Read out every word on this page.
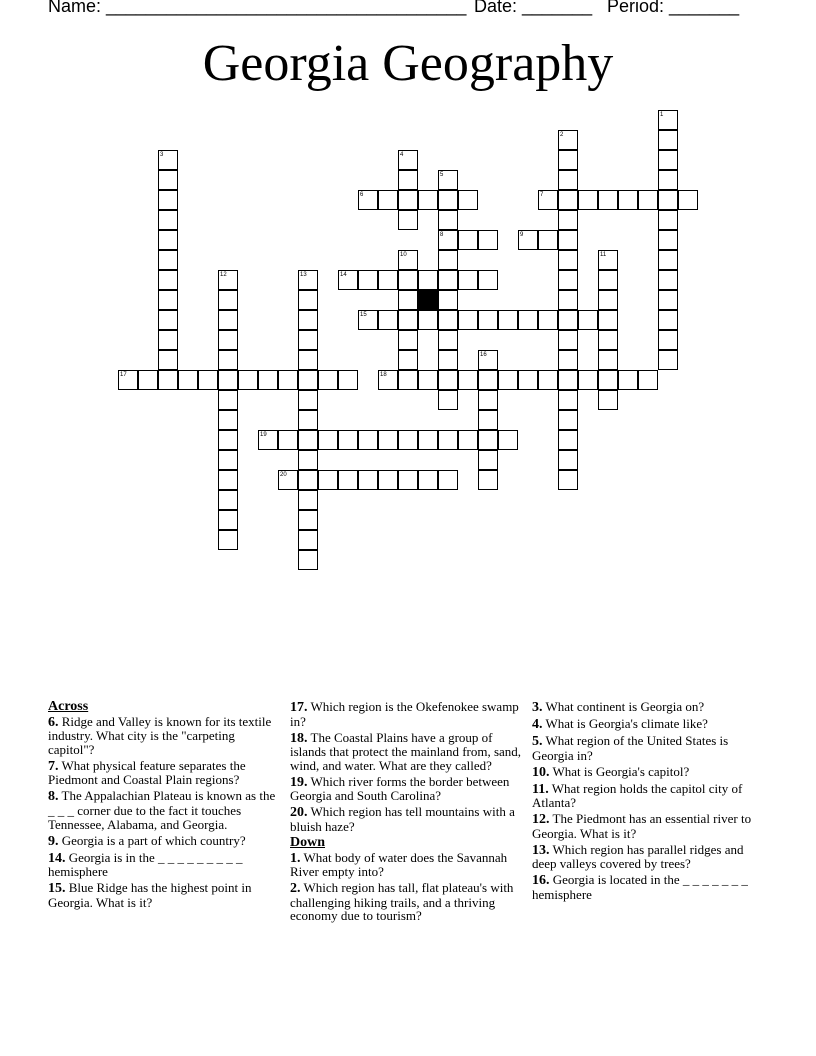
Name: ____________________________________ Date: _______ Period: _______
Georgia Geography
1
2
3	4
5
6	7
8	9
10	11
12	13	14
15
16
17	18
19
20
Across
6. Ridge and Valley is known for its textile industry. What city is the "carpeting capitol"?
7. What physical feature separates the Piedmont and Coastal Plain regions?
8. The Appalachian Plateau is known as the _ _ _ corner due to the fact it touches Tennessee, Alabama, and Georgia.
9. Georgia is a part of which country?
14. Georgia is in the _ _ _ _ _ _ _ _ _ hemisphere
15. Blue Ridge has the highest point in Georgia. What is it?
17. Which region is the Okefenokee swamp in?
18. The Coastal Plains have a group of islands that protect the mainland from, sand, wind, and water. What are they called?
19. Which river forms the border between Georgia and South Carolina?
20. Which region has tell mountains with a bluish haze?
Down
1. What body of water does the Savannah River empty into?
2. Which region has tall, flat plateau's with challenging hiking trails, and a thriving economy due to tourism?
3. What continent is Georgia on?
4. What is Georgia's climate like?
5. What region of the United States is Georgia in?
10. What is Georgia's capitol?
11. What region holds the capitol city of Atlanta?
12. The Piedmont has an essential river to Georgia. What is it?
13. Which region has parallel ridges and deep valleys covered by trees?
16. Georgia is located in the _ _ _ _ _ _ _ hemisphere
